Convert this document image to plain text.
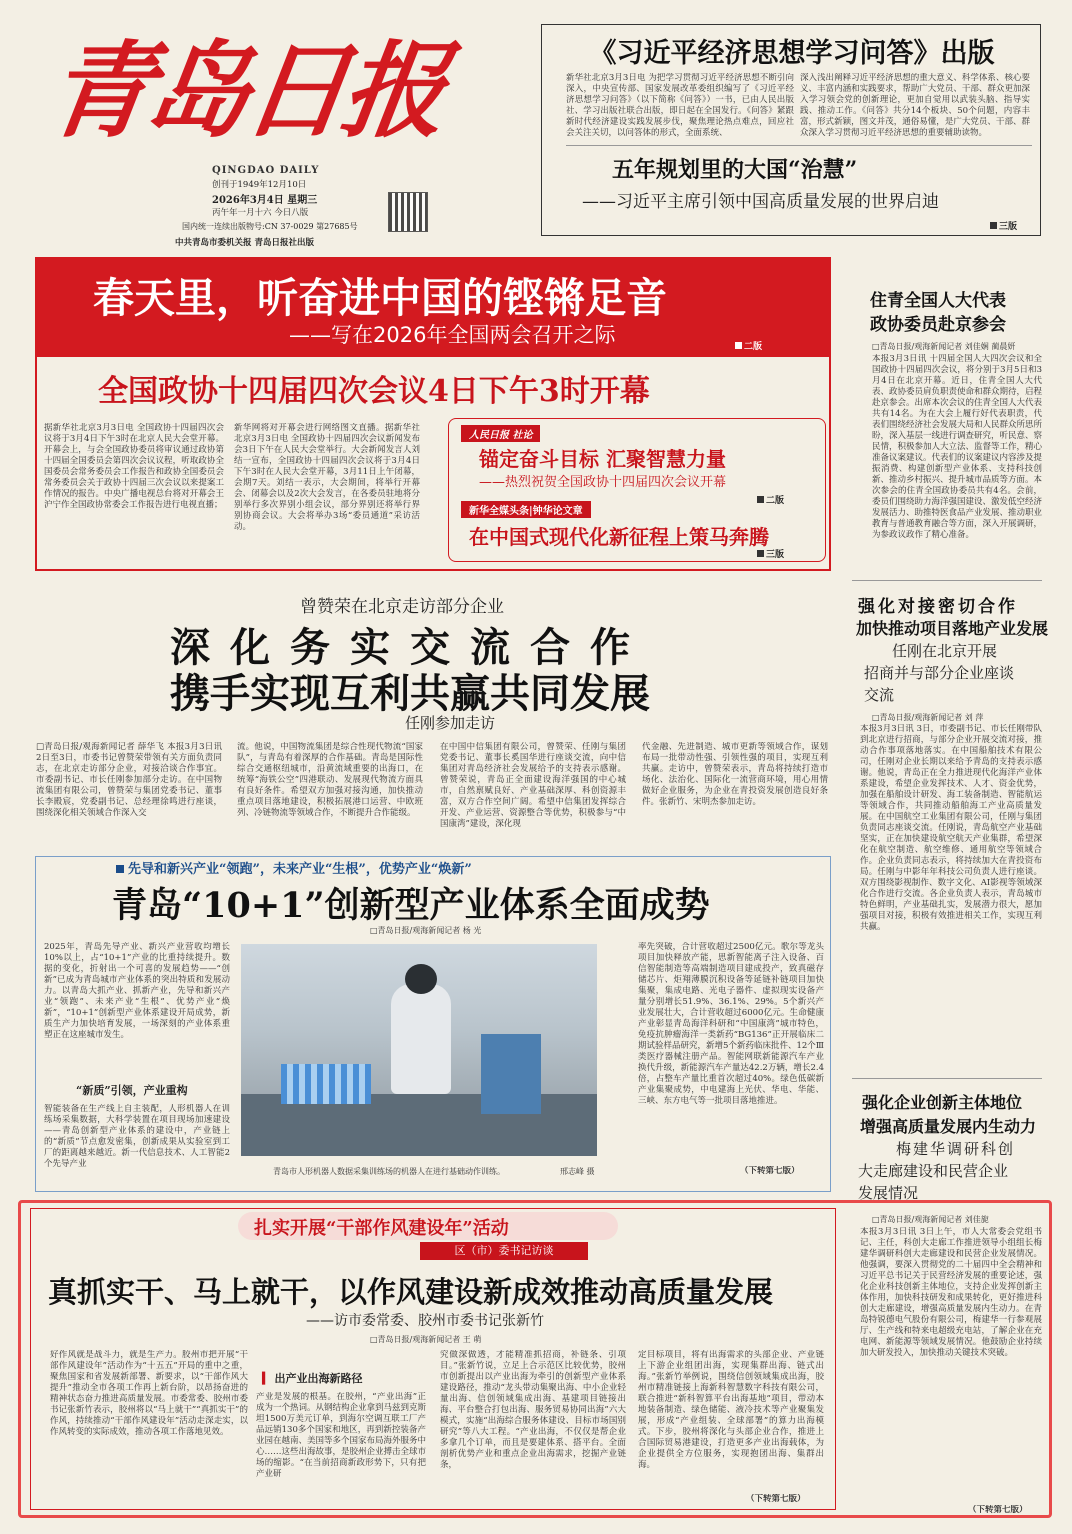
青岛日报
QINGDAO DAILY
创刊于1949年12月10日
2026年3月4日 星期三
丙午年一月十六 今日八版
国内统一连续出版物号:CN 37-0029 第27685号
中共青岛市委机关报 青岛日报社出版
《习近平经济思想学习问答》出版
新华社北京3月3日电 为把学习贯彻习近平经济思想不断引向深入，中央宣传部、国家发展改革委组织编写了《习近平经济思想学习问答》（以下简称《问答》）一书，已由人民出版社、学习出版社联合出版，即日起在全国发行。《问答》紧跟新时代经济建设实践发展步伐，聚焦理论热点难点，回应社会关注关切，以问答体的形式，全面系统、
深入浅出阐释习近平经济思想的重大意义、科学体系、核心要义、丰富内涵和实践要求，帮助广大党员、干部、群众更加深入学习领会党的创新理论，更加自觉用以武装头脑、指导实践、推动工作。《问答》共分14个板块、50个问题，内容丰富，形式新颖，图文并茂，通俗易懂，是广大党员、干部、群众深入学习贯彻习近平经济思想的重要辅助读物。
五年规划里的大国“治慧”
——习近平主席引领中国高质量发展的世界启迪
三版
春天里，听奋进中国的铿锵足音
——写在2026年全国两会召开之际	二版
全国政协十四届四次会议4日下午3时开幕
据新华社北京3月3日电 全国政协十四届四次会议将于3月4日下午3时在北京人民大会堂开幕。开幕会上，与会全国政协委员将审议通过政协第十四届全国委员会第四次会议议程，听取政协全国委员会常务委员会工作报告和政协全国委员会常务委员会关于政协十四届三次会议以来提案工作情况的报告。中央广播电视总台将对开幕会王沪宁作全国政协常委会工作报告进行电视直播；
新华网将对开幕会进行网络图文直播。据新华社北京3月3日电 全国政协十四届四次会议新闻发布会3日下午在人民大会堂举行。大会新闻发言人刘结一宣布，全国政协十四届四次会议将于3月4日下午3时在人民大会堂开幕，3月11日上午闭幕，会期7天。刘结一表示，大会期间，将举行开幕会、闭幕会以及2次大会发言，在各委员驻地将分别举行多次界别小组会议，部分界别还将举行界别协商会议。大会将举办3场“委员通道”采访活动。
人民日报 社论
锚定奋斗目标 汇聚智慧力量
——热烈祝贺全国政协十四届四次会议开幕
二版
新华全媒头条|钟华论文章
在中国式现代化新征程上策马奔腾
三版
住青全国人大代表
政协委员赴京参会
□青岛日报/观海新闻记者 刘佳娴 蔺晨妍
本报3月3日讯 十四届全国人大四次会议和全国政协十四届四次会议，将分别于3月5日和3月4日在北京开幕。近日，住青全国人大代表、政协委员肩负职责使命和群众期待，启程赴京参会。出席本次会议的住青全国人大代表共有14名。为在大会上履行好代表职责，代表们围绕经济社会发展大局和人民群众所思所盼，深入基层一线进行调查研究，听民意、察民情，积极参加人大立法、监督等工作，精心准备议案建议。代表们的议案建议内容涉及提振消费、构建创新型产业体系、支持科技创新、推动乡村振兴、提升城市品质等方面。本次参会的住青全国政协委员共有4名。会前，委员们围绕助力海洋强国建设、激发低空经济发展活力、助推特医食品产业发展、推动职业教育与普通教育融合等方面，深入开展调研，为参政议政作了精心准备。
曾赞荣在北京走访部分企业
深化务实交流合作
携手实现互利共赢共同发展
任刚参加走访
□青岛日报/观海新闻记者 薛华飞 本报3月3日讯 2日至3日，市委书记曾赞荣带领有关方面负责同志，在北京走访部分企业，对接洽谈合作事宜。市委副书记、市长任刚参加部分走访。在中国物流集团有限公司，曾赞荣与集团党委书记、董事长李殿宸，党委副书记、总经理徐鸣进行座谈，围绕深化相关领域合作深入交
流。他说，中国物流集团是综合性现代物流“国家队”，与青岛有着深厚的合作基础。青岛是国际性综合交通枢纽城市，沿黄流域重要的出海口，在统筹“海铁公空”四港联动、发展现代物流方面具有良好条件。希望双方加强对接沟通，加快推动重点项目落地建设，积极拓展港口运营、中欧班列、冷链物流等领域合作，不断提升合作能级。
在中国中信集团有限公司，曾赞荣、任刚与集团党委书记、董事长奚国华进行座谈交流，向中信集团对青岛经济社会发展给予的支持表示感谢。曾赞荣说，青岛正全面建设海洋强国的中心城市，自然禀赋良好、产业基础深厚、科创资源丰富，双方合作空间广阔。希望中信集团发挥综合开发、产业运营、资源整合等优势，积极参与“中国康湾”建设，深化现
代金融、先进制造、城市更新等领域合作，谋划布局一批带动性强、引领性强的项目，实现互利共赢。走访中，曾赞荣表示，青岛将持续打造市场化、法治化、国际化一流营商环境，用心用情做好企业服务，为企业在青投资发展创造良好条件。张新竹、宋明杰参加走访。
强化对接密切合作
加快推动项目落地产业发展
任刚在北京开展
招商并与部分企业座谈
交流
□青岛日报/观海新闻记者 刘 萍
本报3月3日讯 3日，市委副书记、市长任刚带队到北京进行招商，与部分企业开展交流对接，推动合作事项落地落实。在中国船舶技术有限公司，任刚对企业长期以来给予青岛的支持表示感谢。他说，青岛正在全力推进现代化海洋产业体系建设，希望企业发挥技术、人才、资金优势，加强在船舶设计研发、海工装备制造、智能航运等领域合作，共同推动船舶海工产业高质量发展。在中国航空工业集团有限公司，任刚与集团负责同志座谈交流。任刚说，青岛航空产业基础坚实，正在加快建设航空航天产业集群，希望深化在航空制造、航空维修、通用航空等领域合作。企业负责同志表示，将持续加大在青投资布局。任刚与中影年年科技公司负责人进行座谈。双方围绕影视制作、数字文化、AI影视等领域深化合作进行交流。各企业负责人表示，青岛城市特色鲜明，产业基础扎实，发展潜力很大，愿加强项目对接，积极有效推进相关工作，实现互利共赢。
先导和新兴产业“领跑”，未来产业“生根”，优势产业“焕新”
青岛“10+1”创新型产业体系全面成势
□青岛日报/观海新闻记者 杨 光
2025年，青岛先导产业、新兴产业营收均增长10%以上，占“10+1”产业的比重持续提升。数据的变化，折射出一个可喜的发展趋势——“创新”已成为青岛城市产业体系的突出特质和发展动力。以青岛大抓产业、抓新产业，先导和新兴产业“领跑”、未来产业“生根”、优势产业“焕新”，“10+1”创新型产业体系建设开局成势，新质生产力加快培育发展，一场深刻的产业体系重塑正在这座城市发生。
“新质”引领，产业重构
智能装备在生产线上自主装配，人形机器人在训练场采集数据，大科学装置在项目现场加速建设——青岛创新型产业体系的建设中，产业链上的“新质”节点愈发密集，创新成果从实验室到工厂的距离越来越近。新一代信息技术、人工智能2个先导产业
青岛市人形机器人数据采集训练场的机器人在进行基础动作训练。	邢志峰 摄
率先突破，合计营收超过2500亿元。歌尔等龙头项目加快释放产能，思新智能离子注入设备、百信智能制造等高端制造项目建成投产，致真磁存储芯片、炬翔薄膜沉积设备等延链补链项目加快集聚，集成电路、光电子器件、虚拟现实设备产量分别增长51.9%、36.1%、29%。5个新兴产业发展壮大，合计营收超过6000亿元。生命健康产业彰显青岛海洋科研和“中国康湾”城市特色，免疫抗肿瘤海洋一类新药“BG136”正开展临床二期试验样品研究，新增5个新药临床批件、12个Ⅲ类医疗器械注册产品。智能网联新能源汽车产业换代升级，新能源汽车产量达42.2万辆，增长2.4倍，占整车产量比重首次超过40%。绿色低碳新产业集聚成势，中电建海上光伏、华电、华能、三峡、东方电气等一批项目落地推进。
（下转第七版）
强化企业创新主体地位
增强高质量发展内生动力
梅建华调研科创
大走廊建设和民营企业
发展情况
□青岛日报/观海新闻记者 刘佳旎
本报3月3日讯 3日上午，市人大常委会党组书记、主任，科创大走廊工作推进领导小组组长梅建华调研科创大走廊建设和民营企业发展情况。他强调，要深入贯彻党的二十届四中全会精神和习近平总书记关于民营经济发展的重要论述，强化企业科技创新主体地位，支持企业发挥创新主体作用，加快科技研发和成果转化，更好推进科创大走廊建设，增强高质量发展内生动力。在青岛特锐德电气股份有限公司，梅建华一行参观展厅、生产线和特来电超级充电站，了解企业在充电网、新能源等领域发展情况。他鼓励企业持续加大研发投入，加快推动关键技术突破。
（下转第七版）
扎实开展“干部作风建设年”活动
区（市）委书记访谈
真抓实干、马上就干，以作风建设新成效推动高质量发展
——访市委常委、胶州市委书记张新竹
□青岛日报/观海新闻记者 王 萌
好作风就是战斗力，就是生产力。胶州市把开展“干部作风建设年”活动作为“十五五”开局的重中之重，聚焦国家和省发展新部署、新要求，以“干部作风大提升”推动全市各项工作再上新台阶，以昂扬奋进的精神状态奋力推进高质量发展。市委常委、胶州市委书记张新竹表示，胶州将以“马上就干”“真抓实干”的作风，持续推动“干部作风建设年”活动走深走实，以作风转变的实际成效，推动各项工作落地见效。
▍ 出产业出海新路径
产业是发展的根基。在胶州，“产业出海”正成为一个热词。从钢结构企业拿到马兹到克斯坦1500万美元订单，到海尔空调互联工厂产品远销130多个国家和地区，再到新控装备产业园在越南、美国等多个国家布局海外服务中心……这些出海故事，是胶州企业搏击全球市场的缩影。“在当前招商新政形势下，只有把产业研
究做深做透，才能精准抓招商，补链条、引项目。”张新竹说，立足上合示范区比较优势，胶州市创新提出以产业出海为牵引的创新型产业体系建设路径，推动“龙头带动集聚出海、中小企业轻量出海、信创领域集成出海、基建项目链接出海、平台整合打包出海、服务贸易协同出海”六大模式，实施“出海综合服务体建设、目标市场国别研究”等八大工程。“产业出海，不仅仅是帮企业多拿几个订单，而且是要建体系、搭平台。全面剖析优势产业和重点企业出海需求，挖掘产业链条，
定目标项目，将有出海需求的头部企业、产业链上下游企业组团出海，实现集群出海、链式出海。”张新竹举例说，围绕信创领域集成出海，胶州市精准链接上海新科智慧数字科技有限公司，联合推进“新科智算平台出海基地”项目，带动本地装备制造、绿色储能、液冷技术等产业聚集发展，形成“产业组装、全球部署”的算力出海模式。下步，胶州将深化与头部企业合作，推进上合国际贸易港建设，打造更多产业出海载体，为企业提供全方位服务，实现抱团出海、集群出海。
（下转第七版）
